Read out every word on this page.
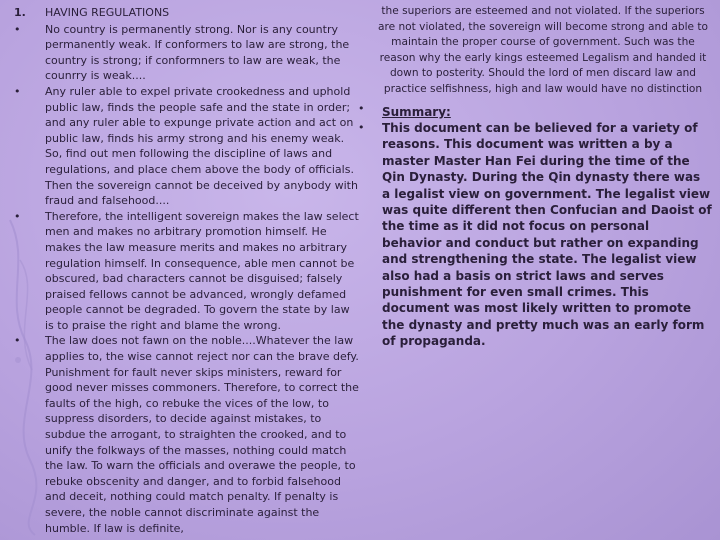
1.	HAVING REGULATIONS
•	No country is permanently strong. Nor is any country permanently weak. If conformers to law are strong, the country is strong; if conformners to law are weak, the counrry is weak....
•	Any ruler able to expel private crookedness and uphold public law, finds the people safe and the state in order; and any ruler able to expunge private action and act on public law, finds his army strong and his enemy weak. So, find out men following the discipline of laws and regulations, and place chem above the body of officials. Then the sovereign cannot be deceived by anybody with fraud and falsehood....
•	Therefore, the intelligent sovereign makes the law select men and makes no arbitrary promotion himself. He makes the law measure merits and makes no arbitrary regulation himself. In consequence, able men cannot be obscured, bad characters cannot be disguised; falsely praised fellows cannot be advanced, wrongly defamed people cannot be degraded. To govern the state by law is to praise the right and blame the wrong.
•	The law does not fawn on the noble....Whatever the law applies to, the wise cannot reject nor can the brave defy. Punishment for fault never skips ministers, reward for good never misses commoners. Therefore, to correct the faults of the high, co rebuke the vices of the low, to suppress disorders, to decide against mistakes, to subdue the arrogant, to straighten the crooked, and to unify the folkways of the masses, nothing could match the law. To warn the officials and overawe the people, to rebuke obscenity and danger, and to forbid falsehood and deceit, nothing could match penalty. If penalty is severe, the noble cannot discriminate against the humble. If law is definite,
the superiors are esteemed and not violated. If the superiors are not violated, the sovereign will become strong and able to maintain the proper course of government. Such was the reason why the early kings esteemed Legalism and handed it down to posterity. Should the lord of men discard law and practice selfishness, high and law would have no distinction
•	Summary:
•	This document can be believed for a variety of reasons. This document was written a by a master Master Han Fei during the time of the Qin Dynasty. During the Qin dynasty there was a legalist view on government. The legalist view was quite different then Confucian and Daoist of the time as it did not focus on personal behavior and conduct but rather on expanding and strengthening the state. The legalist view also had a basis on strict laws and serves punishment for even small crimes. This document was most likely written to promote the dynasty and pretty much was an early form of propaganda.
